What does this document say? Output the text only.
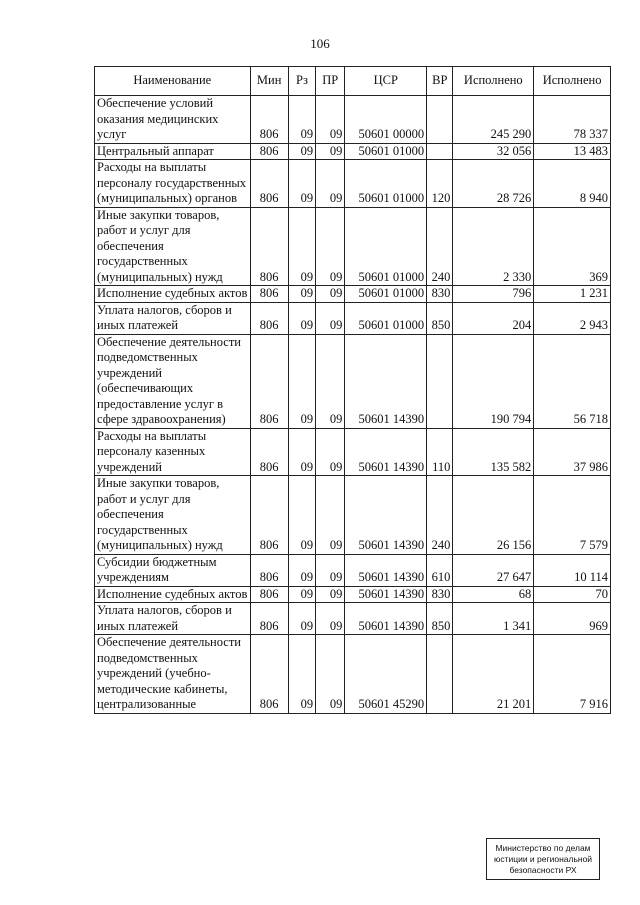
106
Наименование	Мин	Рз	ПР	ЦСР	ВР	Исполнено	Исполнено
Обеспечение условий оказания медицинских услуг	806	09	09	50601 00000		245 290	78 337
Центральный аппарат	806	09	09	50601 01000		32 056	13 483
Расходы на выплаты персоналу государственных (муниципальных) органов	806	09	09	50601 01000	120	28 726	8 940
Иные закупки товаров, работ и услуг для обеспечения государственных (муниципальных) нужд	806	09	09	50601 01000	240	2 330	369
Исполнение судебных актов	806	09	09	50601 01000	830	796	1 231
Уплата налогов, сборов и иных платежей	806	09	09	50601 01000	850	204	2 943
Обеспечение деятельности подведомственных учреждений (обеспечивающих предоставление услуг в сфере здравоохранения)	806	09	09	50601 14390		190 794	56 718
Расходы на выплаты персоналу казенных учреждений	806	09	09	50601 14390	110	135 582	37 986
Иные закупки товаров, работ и услуг для обеспечения государственных (муниципальных) нужд	806	09	09	50601 14390	240	26 156	7 579
Субсидии бюджетным учреждениям	806	09	09	50601 14390	610	27 647	10 114
Исполнение судебных актов	806	09	09	50601 14390	830	68	70
Уплата налогов, сборов и иных платежей	806	09	09	50601 14390	850	1 341	969
Обеспечение деятельности подведомственных учреждений (учебно-методические кабинеты, централизованные	806	09	09	50601 45290		21 201	7 916
Министерство по делам
юстиции и региональной
безопасности РХ
